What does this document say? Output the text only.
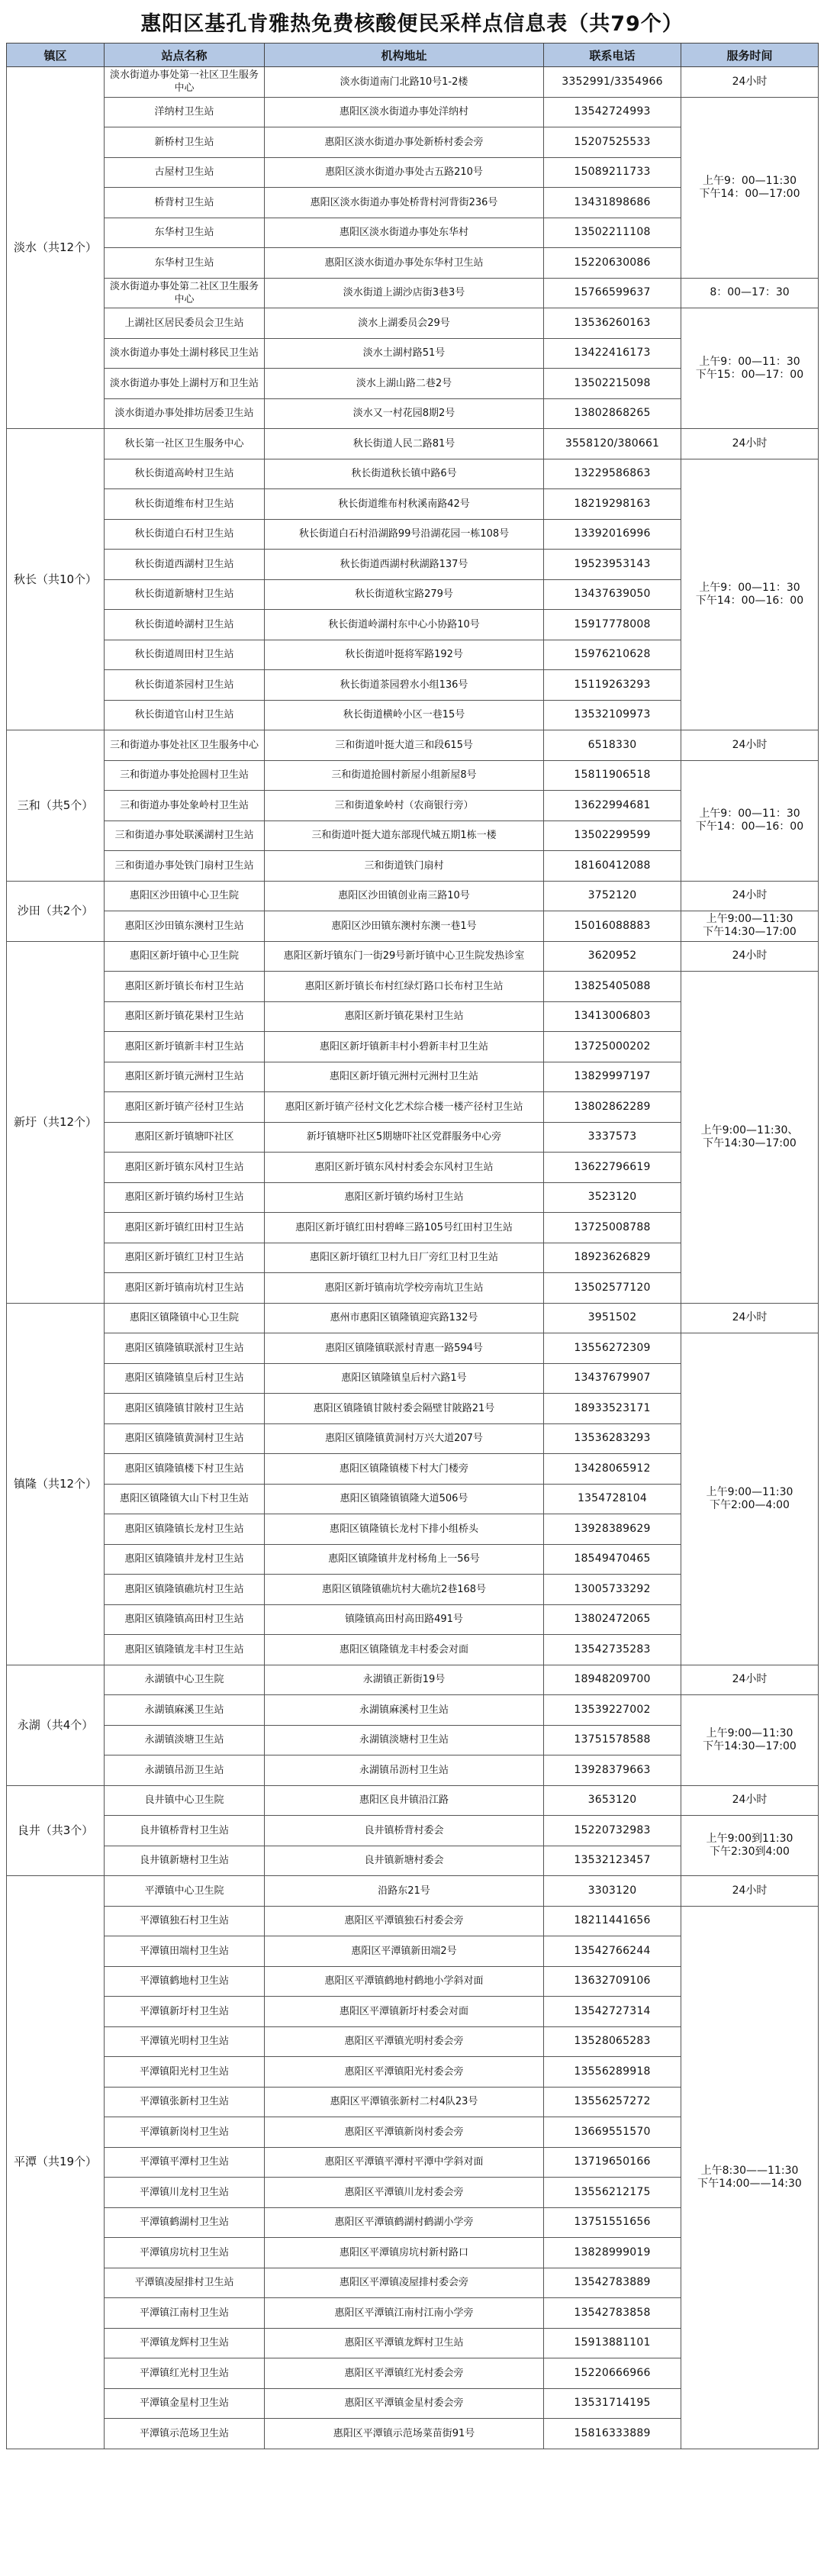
惠阳区基孔肯雅热免费核酸便民采样点信息表（共79个）
镇区	站点名称	机构地址	联系电话	服务时间
淡水（共12个）	淡水街道办事处第一社区卫生服务中心	淡水街道南门北路10号1-2楼	3352991/3354966	24小时

	洋纳村卫生站	惠阳区淡水街道办事处洋纳村	13542724993	上午9：00—11:30
下午14：00—17:00

	新桥村卫生站	惠阳区淡水街道办事处新桥村委会旁	15207525533	
	古屋村卫生站	惠阳区淡水街道办事处古五路210号	15089211733	
	桥背村卫生站	惠阳区淡水街道办事处桥背村河背街236号	13431898686	
	东华村卫生站	惠阳区淡水街道办事处东华村	13502211108	
	东华村卫生站	惠阳区淡水街道办事处东华村卫生站	15220630086	
	淡水街道办事处第二社区卫生服务中心	淡水街道上湖沙店街3巷3号	15766599637	8：00—17：30

	上湖社区居民委员会卫生站	淡水上湖委员会29号	13536260163	上午9：00—11：30
下午15：00—17：00

	淡水街道办事处土湖村移民卫生站	淡水土湖村路51号	13422416173	
	淡水街道办事处上湖村万和卫生站	淡水上湖山路二巷2号	13502215098	
	淡水街道办事处排坊居委卫生站	淡水又一村花园8期2号	13802868265	
秋长（共10个）	秋长第一社区卫生服务中心	秋长街道人民二路81号	3558120/380661	24小时

	秋长街道高岭村卫生站	秋长街道秋长镇中路6号	13229586863	上午9：00—11：30
下午14：00—16：00

	秋长街道维布村卫生站	秋长街道维布村秋溪南路42号	18219298163	
	秋长街道白石村卫生站	秋长街道白石村沿湖路99号沿湖花园一栋108号	13392016996	
	秋长街道西湖村卫生站	秋长街道西湖村秋湖路137号	19523953143	
	秋长街道新塘村卫生站	秋长街道秋宝路279号	13437639050	
	秋长街道岭湖村卫生站	秋长街道岭湖村东中心小协路10号	15917778008	
	秋长街道周田村卫生站	秋长街道叶挺将军路192号	15976210628	
	秋长街道茶园村卫生站	秋长街道茶园碧水小组136号	15119263293	
	秋长街道官山村卫生站	秋长街道横岭小区一巷15号	13532109973	
三和（共5个）	三和街道办事处社区卫生服务中心	三和街道叶挺大道三和段615号	6518330	24小时

	三和街道办事处抢圆村卫生站	三和街道抢圆村新屋小组新屋8号	15811906518	上午9：00—11：30
下午14：00—16：00

	三和街道办事处象岭村卫生站	三和街道象岭村（农商银行旁）	13622994681	
	三和街道办事处联溪湖村卫生站	三和街道叶挺大道东部现代城五期1栋一楼	13502299599	
	三和街道办事处铁门扇村卫生站	三和街道铁门扇村	18160412088	
沙田（共2个）	惠阳区沙田镇中心卫生院	惠阳区沙田镇创业南三路10号	3752120	24小时

	惠阳区沙田镇东澳村卫生站	惠阳区沙田镇东澳村东澳一巷1号	15016088883	上午9:00—11:30
下午14:30—17:00

新圩（共12个）	惠阳区新圩镇中心卫生院	惠阳区新圩镇东门一街29号新圩镇中心卫生院发热诊室	3620952	24小时

	惠阳区新圩镇长布村卫生站	惠阳区新圩镇长布村红绿灯路口长布村卫生站	13825405088	上午9:00—11:30、
下午14:30—17:00

	惠阳区新圩镇花果村卫生站	惠阳区新圩镇花果村卫生站	13413006803	
	惠阳区新圩镇新丰村卫生站	惠阳区新圩镇新丰村小碧新丰村卫生站	13725000202	
	惠阳区新圩镇元洲村卫生站	惠阳区新圩镇元洲村元洲村卫生站	13829997197	
	惠阳区新圩镇产径村卫生站	惠阳区新圩镇产径村文化艺术综合楼一楼产径村卫生站	13802862289	
	惠阳区新圩镇塘吓社区	新圩镇塘吓社区5期塘吓社区党群服务中心旁	3337573	
	惠阳区新圩镇东风村卫生站	惠阳区新圩镇东风村村委会东风村卫生站	13622796619	
	惠阳区新圩镇约场村卫生站	惠阳区新圩镇约场村卫生站	3523120	
	惠阳区新圩镇红田村卫生站	惠阳区新圩镇红田村碧峰三路105号红田村卫生站	13725008788	
	惠阳区新圩镇红卫村卫生站	惠阳区新圩镇红卫村九日厂旁红卫村卫生站	18923626829	
	惠阳区新圩镇南坑村卫生站	惠阳区新圩镇南坑学校旁南坑卫生站	13502577120	
镇隆（共12个）	惠阳区镇隆镇中心卫生院	惠州市惠阳区镇隆镇迎宾路132号	3951502	24小时

	惠阳区镇隆镇联派村卫生站	惠阳区镇隆镇联派村青惠一路594号	13556272309	上午9:00—11:30
下午2:00—4:00

	惠阳区镇隆镇皇后村卫生站	惠阳区镇隆镇皇后村六路1号	13437679907	
	惠阳区镇隆镇甘陂村卫生站	惠阳区镇隆镇甘陂村委会隔壁甘陂路21号	18933523171	
	惠阳区镇隆镇黄洞村卫生站	惠阳区镇隆镇黄洞村万兴大道207号	13536283293	
	惠阳区镇隆镇楼下村卫生站	惠阳区镇隆镇楼下村大门楼旁	13428065912	
	惠阳区镇隆镇大山下村卫生站	惠阳区镇隆镇镇隆大道506号	1354728104	
	惠阳区镇隆镇长龙村卫生站	惠阳区镇隆镇长龙村下排小组桥头	13928389629	
	惠阳区镇隆镇井龙村卫生站	惠阳区镇隆镇井龙村杨角上一56号	18549470465	
	惠阳区镇隆镇礁坑村卫生站	惠阳区镇隆镇礁坑村大礁坑2巷168号	13005733292	
	惠阳区镇隆镇高田村卫生站	镇隆镇高田村高田路491号	13802472065	
	惠阳区镇隆镇龙丰村卫生站	惠阳区镇隆镇龙丰村委会对面	13542735283	
永湖（共4个）	永湖镇中心卫生院	永湖镇正新街19号	18948209700	24小时

	永湖镇麻溪卫生站	永湖镇麻溪村卫生站	13539227002	上午9:00—11:30
下午14:30—17:00

	永湖镇淡塘卫生站	永湖镇淡塘村卫生站	13751578588	
	永湖镇吊沥卫生站	永湖镇吊沥村卫生站	13928379663	
良井（共3个）	良井镇中心卫生院	惠阳区良井镇沿江路	3653120	24小时

	良井镇桥背村卫生站	良井镇桥背村委会	15220732983	上午9:00到11:30
下午2:30到4:00

	良井镇新塘村卫生站	良井镇新塘村委会	13532123457	
平潭（共19个）	平潭镇中心卫生院	沿路东21号	3303120	24小时

	平潭镇独石村卫生站	惠阳区平潭镇独石村委会旁	18211441656	上午8:30——11:30
下午14:00——14:30

	平潭镇田端村卫生站	惠阳区平潭镇新田端2号	13542766244	
	平潭镇鹤地村卫生站	惠阳区平潭镇鹤地村鹤地小学斜对面	13632709106	
	平潭镇新圩村卫生站	惠阳区平潭镇新圩村委会对面	13542727314	
	平潭镇光明村卫生站	惠阳区平潭镇光明村委会旁	13528065283	
	平潭镇阳光村卫生站	惠阳区平潭镇阳光村委会旁	13556289918	
	平潭镇张新村卫生站	惠阳区平潭镇张新村二村4队23号	13556257272	
	平潭镇新岗村卫生站	惠阳区平潭镇新岗村委会旁	13669551570	
	平潭镇平潭村卫生站	惠阳区平潭镇平潭村平潭中学斜对面	13719650166	
	平潭镇川龙村卫生站	惠阳区平潭镇川龙村委会旁	13556212175	
	平潭镇鹤湖村卫生站	惠阳区平潭镇鹤湖村鹤湖小学旁	13751551656	
	平潭镇房坑村卫生站	惠阳区平潭镇房坑村新村路口	13828999019	
	平潭镇凌屋排村卫生站	惠阳区平潭镇凌屋排村委会旁	13542783889	
	平潭镇江南村卫生站	惠阳区平潭镇江南村江南小学旁	13542783858	
	平潭镇龙辉村卫生站	惠阳区平潭镇龙辉村卫生站	15913881101	
	平潭镇红光村卫生站	惠阳区平潭镇红光村委会旁	15220666966	
	平潭镇金星村卫生站	惠阳区平潭镇金星村委会旁	13531714195	
	平潭镇示范场卫生站	惠阳区平潭镇示范场菜苗街91号	15816333889	
